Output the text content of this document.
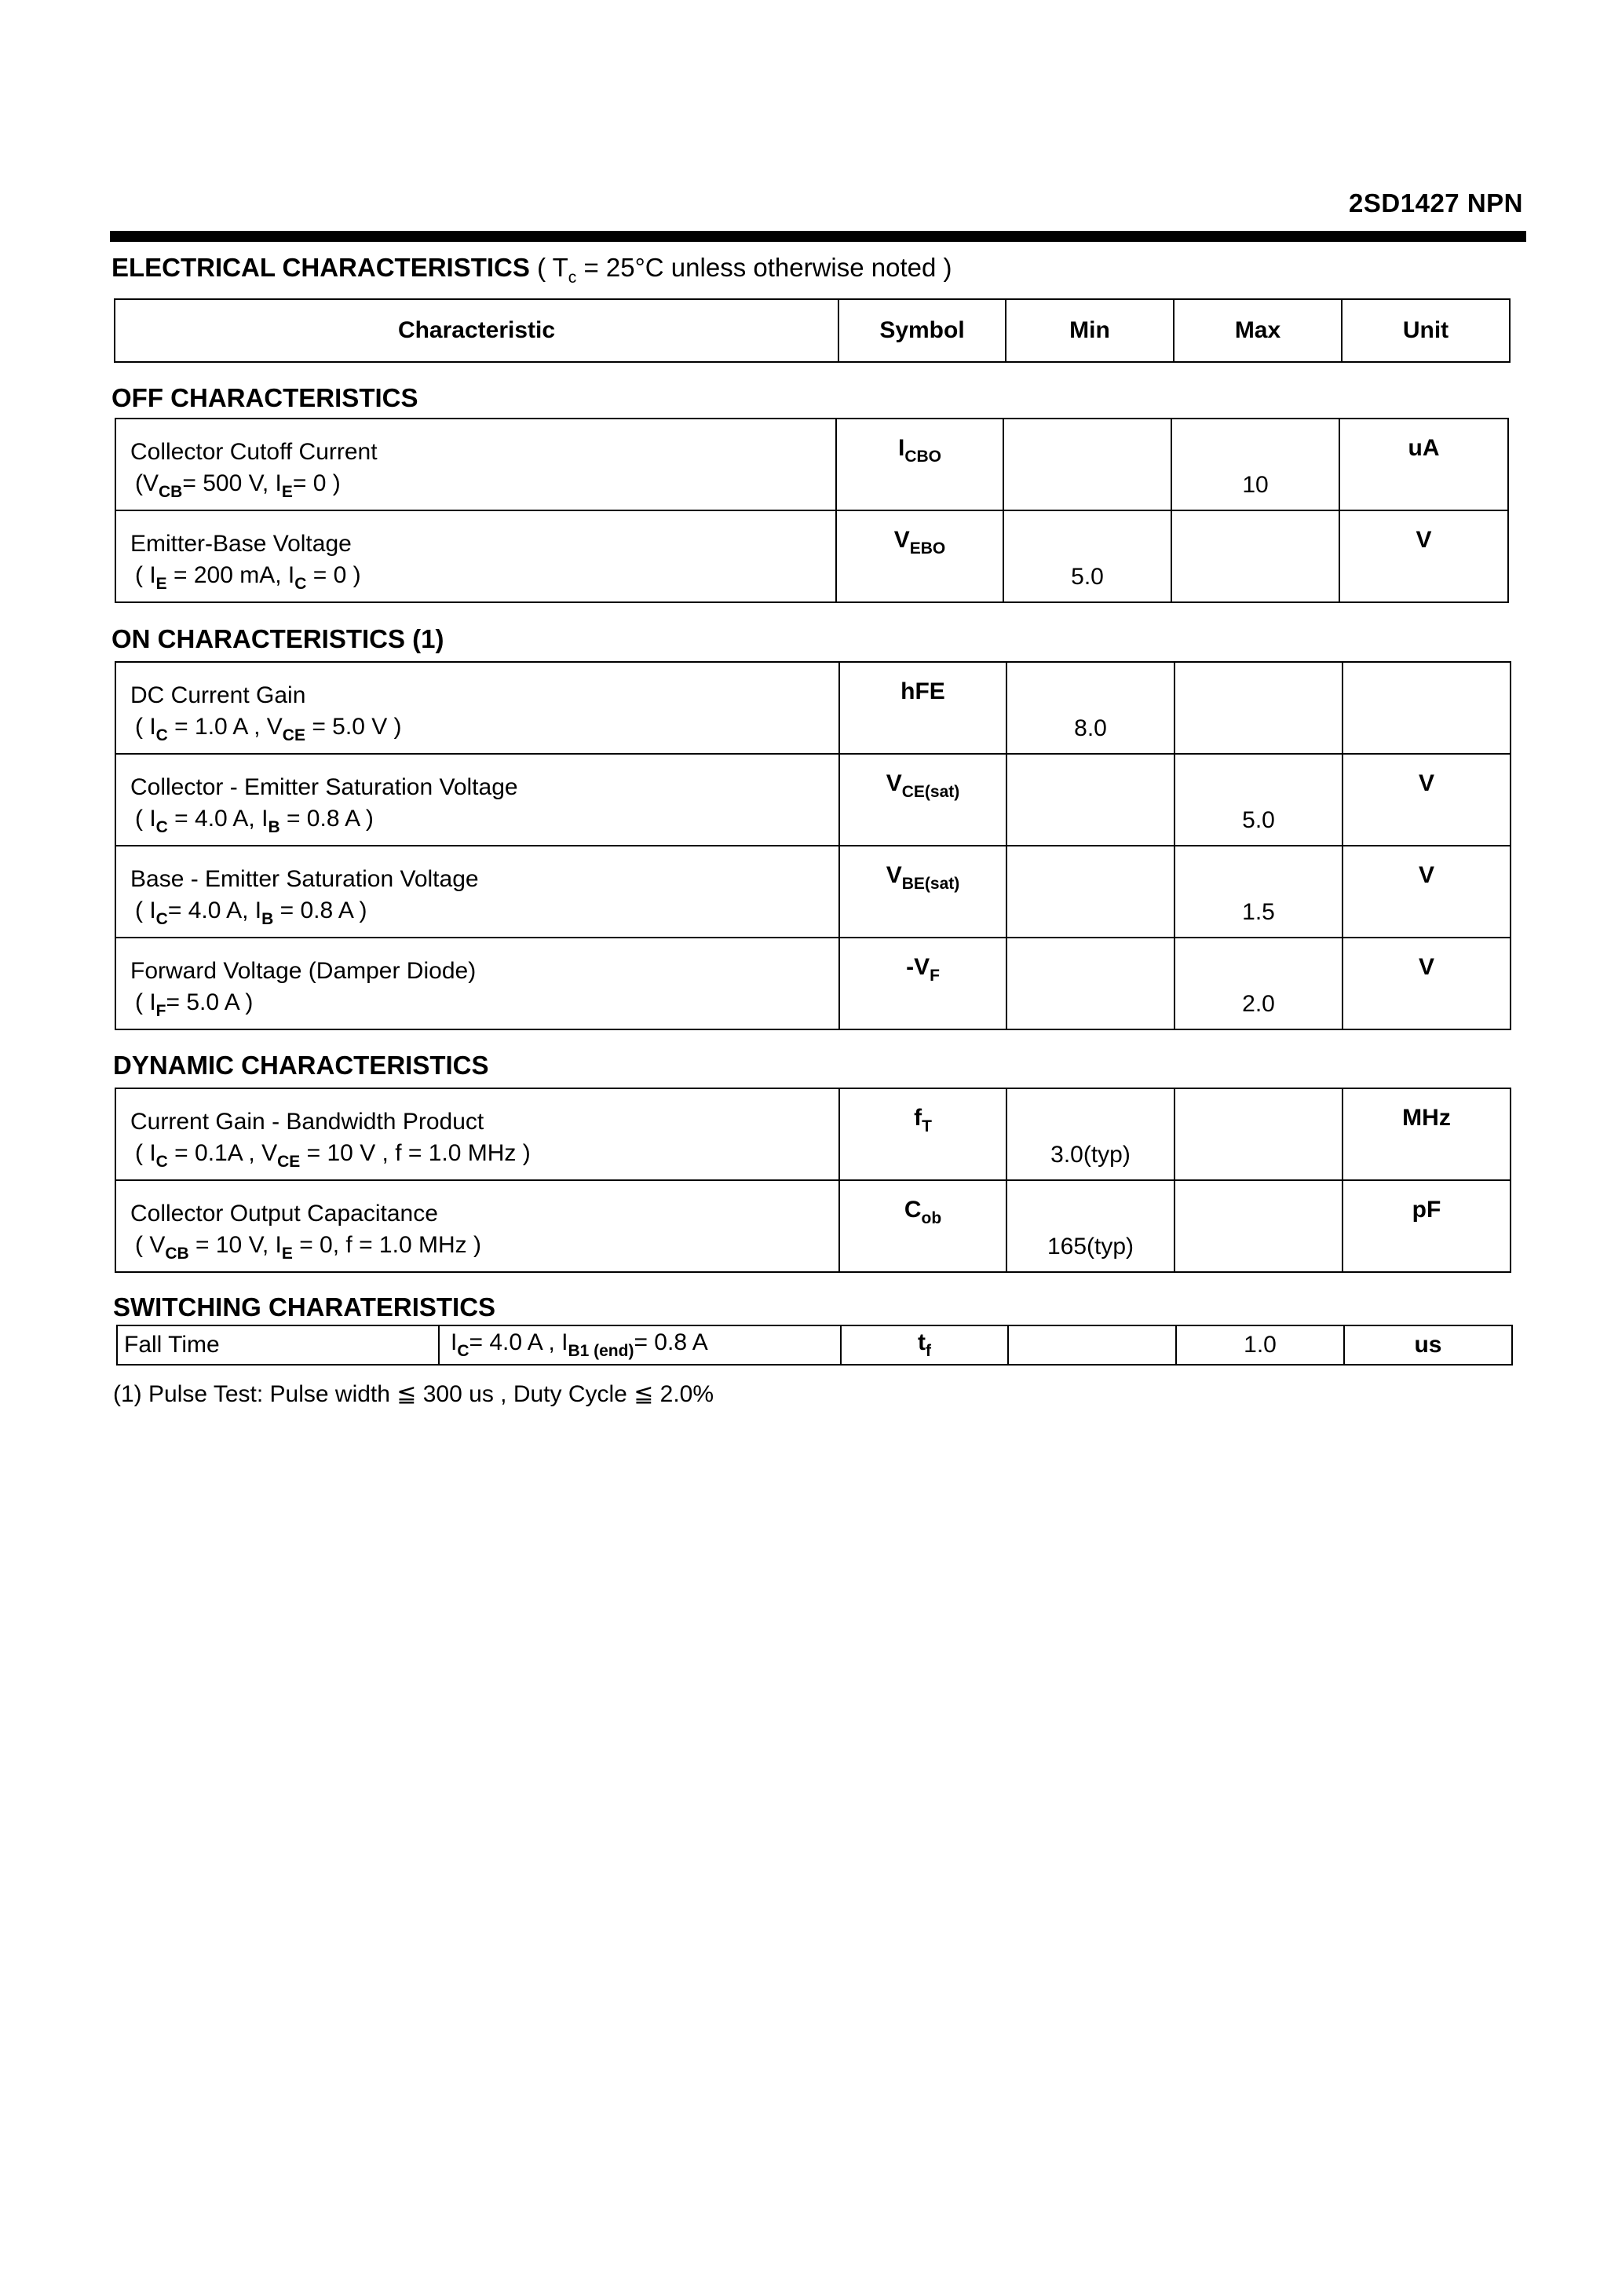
2SD1427 NPN
ELECTRICAL CHARACTERISTICS ( $T_c = 25^\circ C$ unless otherwise noted )
Characteristic	Symbol	Min	Max	Unit
OFF CHARACTERISTICS
Collector Cutoff Current
($V_{CB}= 500$ V, $I_E= 0$ )	$I_{CBO}$		10	uA

Emitter-Base Voltage
( $I_E = 200$ mA, $I_C = 0$ )	$V_{EBO}$	5.0		V
ON CHARACTERISTICS (1)
DC Current Gain
( $I_C = 1.0$ A , $V_{CE} = 5.0$ V )	hFE	8.0		

Collector - Emitter Saturation Voltage
( $I_C = 4.0$ A, $I_B = 0.8$ A )	$V_{CE(sat)}$		5.0	V

Base - Emitter Saturation Voltage
( $I_C= 4.0$ A, $I_B = 0.8$ A )	$V_{BE(sat)}$		1.5	V

Forward Voltage (Damper Diode)
( $I_F= 5.0$ A )	$-V_F$		2.0	V
DYNAMIC CHARACTERISTICS
Current Gain - Bandwidth Product
( $I_C = 0.1A$ , $V_{CE} = 10$ V , f = 1.0 MHz )	$f_T$	3.0(typ)		MHz

Collector Output Capacitance
( $V_{CB} = 10$ V, $I_E = 0$, f = 1.0 MHz )	$C_{ob}$	165(typ)		pF
SWITCHING CHARATERISTICS
Fall Time	$I_C= 4.0$ A , $I_{B1 (end)}= 0.8$ A	$t_f$		1.0	us
(1) Pulse Test: Pulse width ≦ 300 us , Duty Cycle ≦ 2.0%
